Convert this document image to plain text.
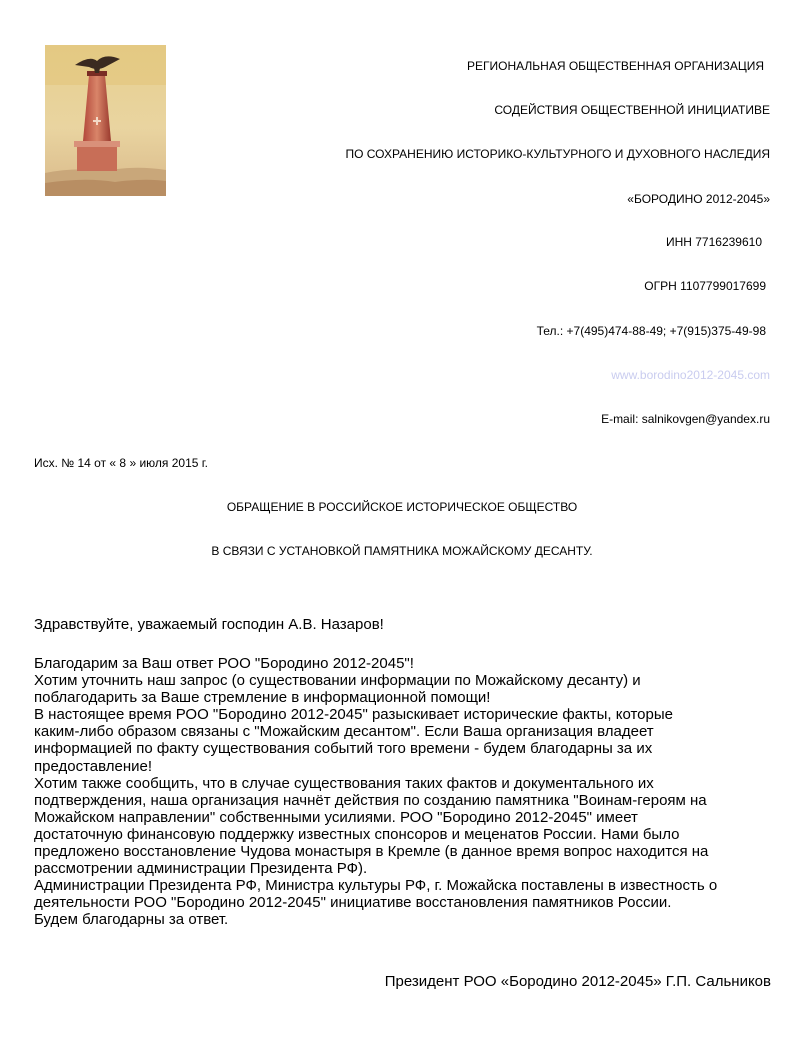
РЕГИОНАЛЬНАЯ ОБЩЕСТВЕННАЯ ОРГАНИЗАЦИЯ
СОДЕЙСТВИЯ ОБЩЕСТВЕННОЙ ИНИЦИАТИВЕ
ПО СОХРАНЕНИЮ ИСТОРИКО-КУЛЬТУРНОГО И ДУХОВНОГО НАСЛЕДИЯ
«БОРОДИНО 2012-2045»
ИНН 7716239610
ОГРН 1107799017699
Тел.: +7(495)474-88-49; +7(915)375-49-98
www.borodino2012-2045.com
E-mail: salnikovgen@yandex.ru
Исх. № 14 от « 8 » июля 2015 г.
ОБРАЩЕНИЕ В РОССИЙСКОЕ ИСТОРИЧЕСКОЕ ОБЩЕСТВО
В СВЯЗИ С УСТАНОВКОЙ ПАМЯТНИКА МОЖАЙСКОМУ ДЕСАНТУ.
Здравствуйте, уважаемый господин А.В. Назаров!
Благодарим за Ваш ответ РОО "Бородино 2012-2045"!
Хотим уточнить наш запрос (о существовании информации по Можайскому десанту) и
поблагодарить за Ваше стремление в информационной помощи!
В настоящее время РОО "Бородино 2012-2045" разыскивает исторические факты, которые
каким-либо образом связаны с "Можайским десантом". Если Ваша организация владеет
информацией по факту существования событий того времени - будем благодарны за их
предоставление!
Хотим также сообщить, что в случае существования таких фактов и документального их
подтверждения, наша организация начнёт действия по созданию памятника "Воинам-героям на
Можайском направлении" собственными усилиями. РОО "Бородино 2012-2045" имеет
достаточную финансовую поддержку известных спонсоров и меценатов России. Нами было
предложено восстановление Чудова монастыря в Кремле (в данное время вопрос находится на
рассмотрении администрации Президента РФ).
Администрации Президента РФ, Министра культуры РФ, г. Можайска поставлены в известность о
деятельности РОО "Бородино 2012-2045" инициативе восстановления памятников России.
Будем благодарны за ответ.
Президент РОО «Бородино 2012-2045» Г.П. Сальников
